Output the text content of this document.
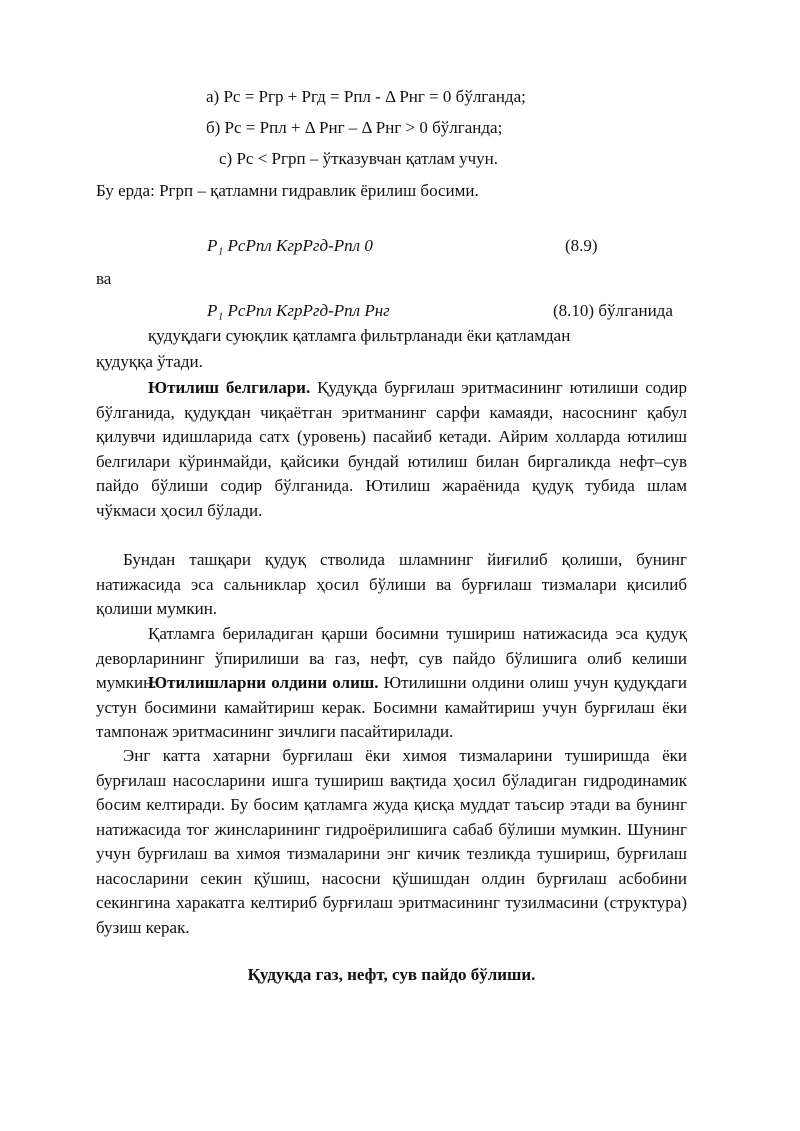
а) Рс = Ргр + Ргд = Рпл - Δ Рнг = 0 бўлганда;
б) Рс = Рпл + Δ Рнг – Δ Рнг > 0 бўлганда;
с) Рс < Ргрп – ўтказувчан қатлам учун.
Бу ерда: Ргрп – қатламни гидравлик ёрилиш босими.
P₁ PсPпл KгрPгд-Pпл 0	(8.9)
ва
P₁ PсPпл KгрPгд-Pпл Pнг	(8.10) бўлганида
қудуқдаги суюқлик қатламга фильтрланади ёки қатламдан
қудуққа ўтади.
Ютилиш белгилари. Қудуқда бурғилаш эритмасининг ютилиши содир бўлганида, қудуқдан чиқаётган эритманинг сарфи камаяди, насоснинг қабул қилувчи идишларида сатх (уровень) пасайиб кетади. Айрим холларда ютилиш белгилари кўринмайди, қайсики бундай ютилиш билан биргаликда нефт–сув пайдо бўлиши содир бўлганида. Ютилиш жараёнида қудуқ тубида шлам чўкмаси ҳосил бўлади.
Бундан ташқари қудуқ стволида шламнинг йиғилиб қолиши, бунинг натижасида эса сальниклар ҳосил бўлиши ва бурғилаш тизмалари қисилиб қолиши мумкин.
Қатламга бериладиган қарши босимни тушириш натижасида эса қудуқ деворларининг ўпирилиши ва газ, нефт, сув пайдо бўлишига олиб келиши мумкин.
Ютилишларни олдини олиш. Ютилишни олдини олиш учун қудуқдаги устун босимини камайтириш керак. Босимни камайтириш учун бурғилаш ёки тампонаж эритмасининг зичлиги пасайтирилади.
Энг катта хатарни бурғилаш ёки химоя тизмаларини туширишда ёки бурғилаш насосларини ишга тушириш вақтида ҳосил бўладиган гидродинамик босим келтиради. Бу босим қатламга жуда қисқа муддат таъсир этади ва бунинг натижасида тоғ жинсларининг гидроёрилишига сабаб бўлиши мумкин. Шунинг учун бурғилаш ва химоя тизмаларини энг кичик тезликда тушириш, бурғилаш насосларини секин қўшиш, насосни қўшишдан олдин бурғилаш асбобини секингина харакатга келтириб бурғилаш эритмасининг тузилмасини (структура) бузиш керак.
Қудуқда газ, нефт, сув пайдо бўлиши.
